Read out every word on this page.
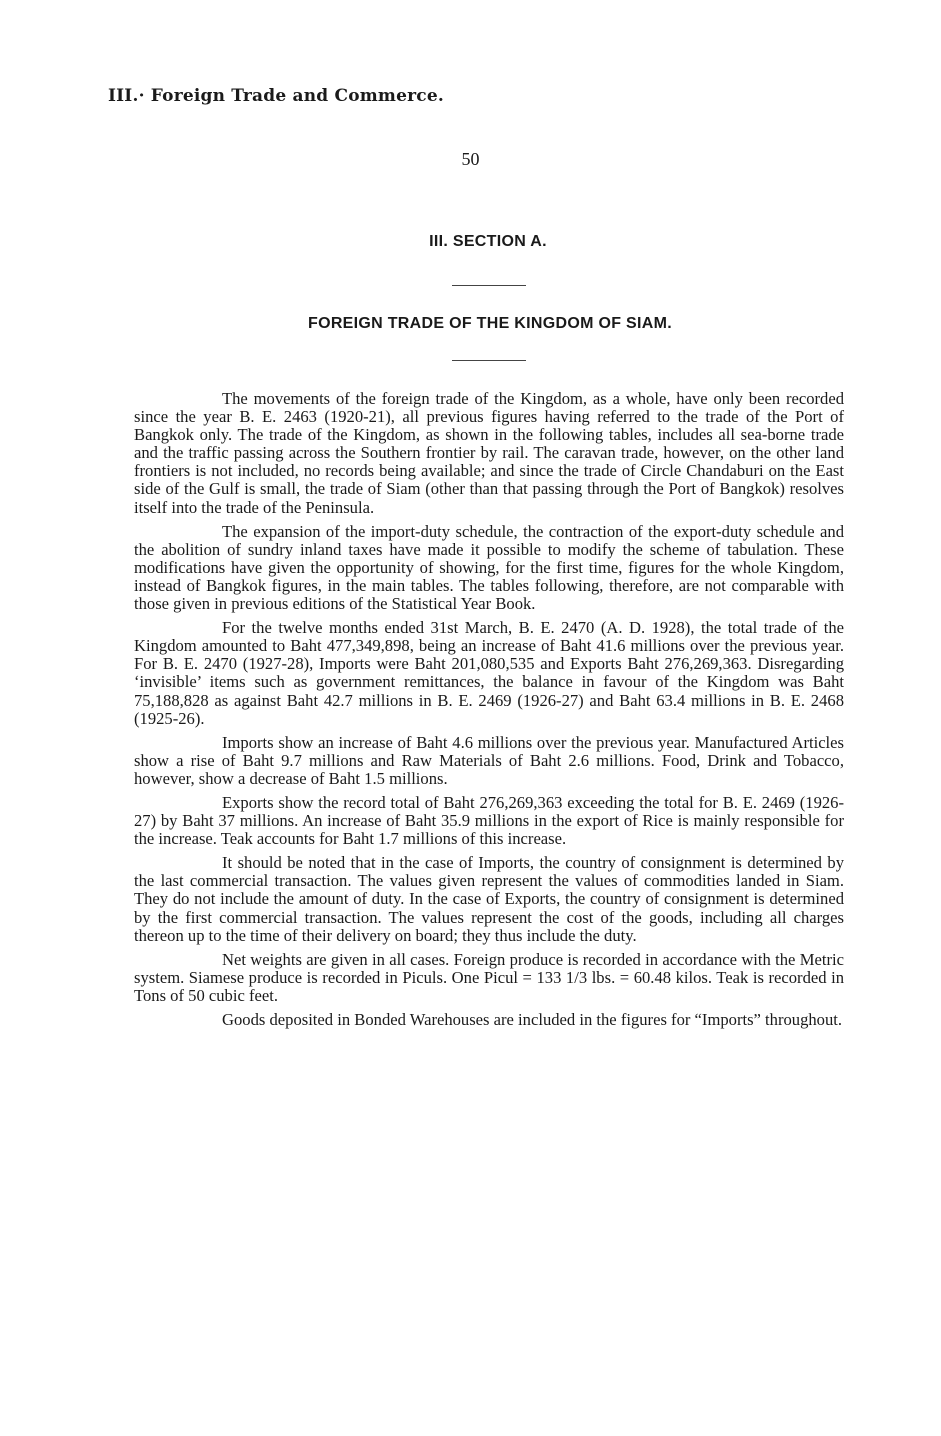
III.· Foreign Trade and Commerce.
50
III. SECTION A.
FOREIGN TRADE OF THE KINGDOM OF SIAM.

The movements of the foreign trade of the Kingdom, as a whole, have only been recorded since the year B. E. 2463 (1920-21), all previous figures having referred to the trade of the Port of Bangkok only. The trade of the Kingdom, as shown in the following tables, includes all sea-borne trade and the traffic passing across the Southern frontier by rail. The caravan trade, however, on the other land frontiers is not included, no records being available; and since the trade of Circle Chandaburi on the East side of the Gulf is small, the trade of Siam (other than that passing through the Port of Bangkok) resolves itself into the trade of the Peninsula.

The expansion of the import-duty schedule, the contraction of the export-duty schedule and the abolition of sundry inland taxes have made it possible to modify the scheme of tabulation. These modifications have given the opportunity of showing, for the first time, figures for the whole Kingdom, instead of Bangkok figures, in the main tables. The tables following, therefore, are not comparable with those given in previous editions of the Statistical Year Book.

For the twelve months ended 31st March, B. E. 2470 (A. D. 1928), the total trade of the Kingdom amounted to Baht 477,349,898, being an increase of Baht 41.6 millions over the previous year. For B. E. 2470 (1927-28), Imports were Baht 201,080,535 and Exports Baht 276,269,363. Disregarding ‘invisible’ items such as government remittances, the balance in favour of the Kingdom was Baht 75,188,828 as against Baht 42.7 millions in B. E. 2469 (1926-27) and Baht 63.4 millions in B. E. 2468 (1925-26).

Imports show an increase of Baht 4.6 millions over the previous year. Manufactured Articles show a rise of Baht 9.7 millions and Raw Materials of Baht 2.6 millions. Food, Drink and Tobacco, however, show a decrease of Baht 1.5 millions.

Exports show the record total of Baht 276,269,363 exceeding the total for B. E. 2469 (1926-27) by Baht 37 millions. An increase of Baht 35.9 millions in the export of Rice is mainly responsible for the increase. Teak accounts for Baht 1.7 millions of this increase.

It should be noted that in the case of Imports, the country of consignment is determined by the last commercial transaction. The values given represent the values of commodities landed in Siam. They do not include the amount of duty. In the case of Exports, the country of consignment is determined by the first commercial transaction. The values represent the cost of the goods, including all charges thereon up to the time of their delivery on board; they thus include the duty.

Net weights are given in all cases. Foreign produce is recorded in accordance with the Metric system. Siamese produce is recorded in Piculs. One Picul = 133 1/3 lbs. = 60.48 kilos. Teak is recorded in Tons of 50 cubic feet.

Goods deposited in Bonded Warehouses are included in the figures for “Imports” throughout.
